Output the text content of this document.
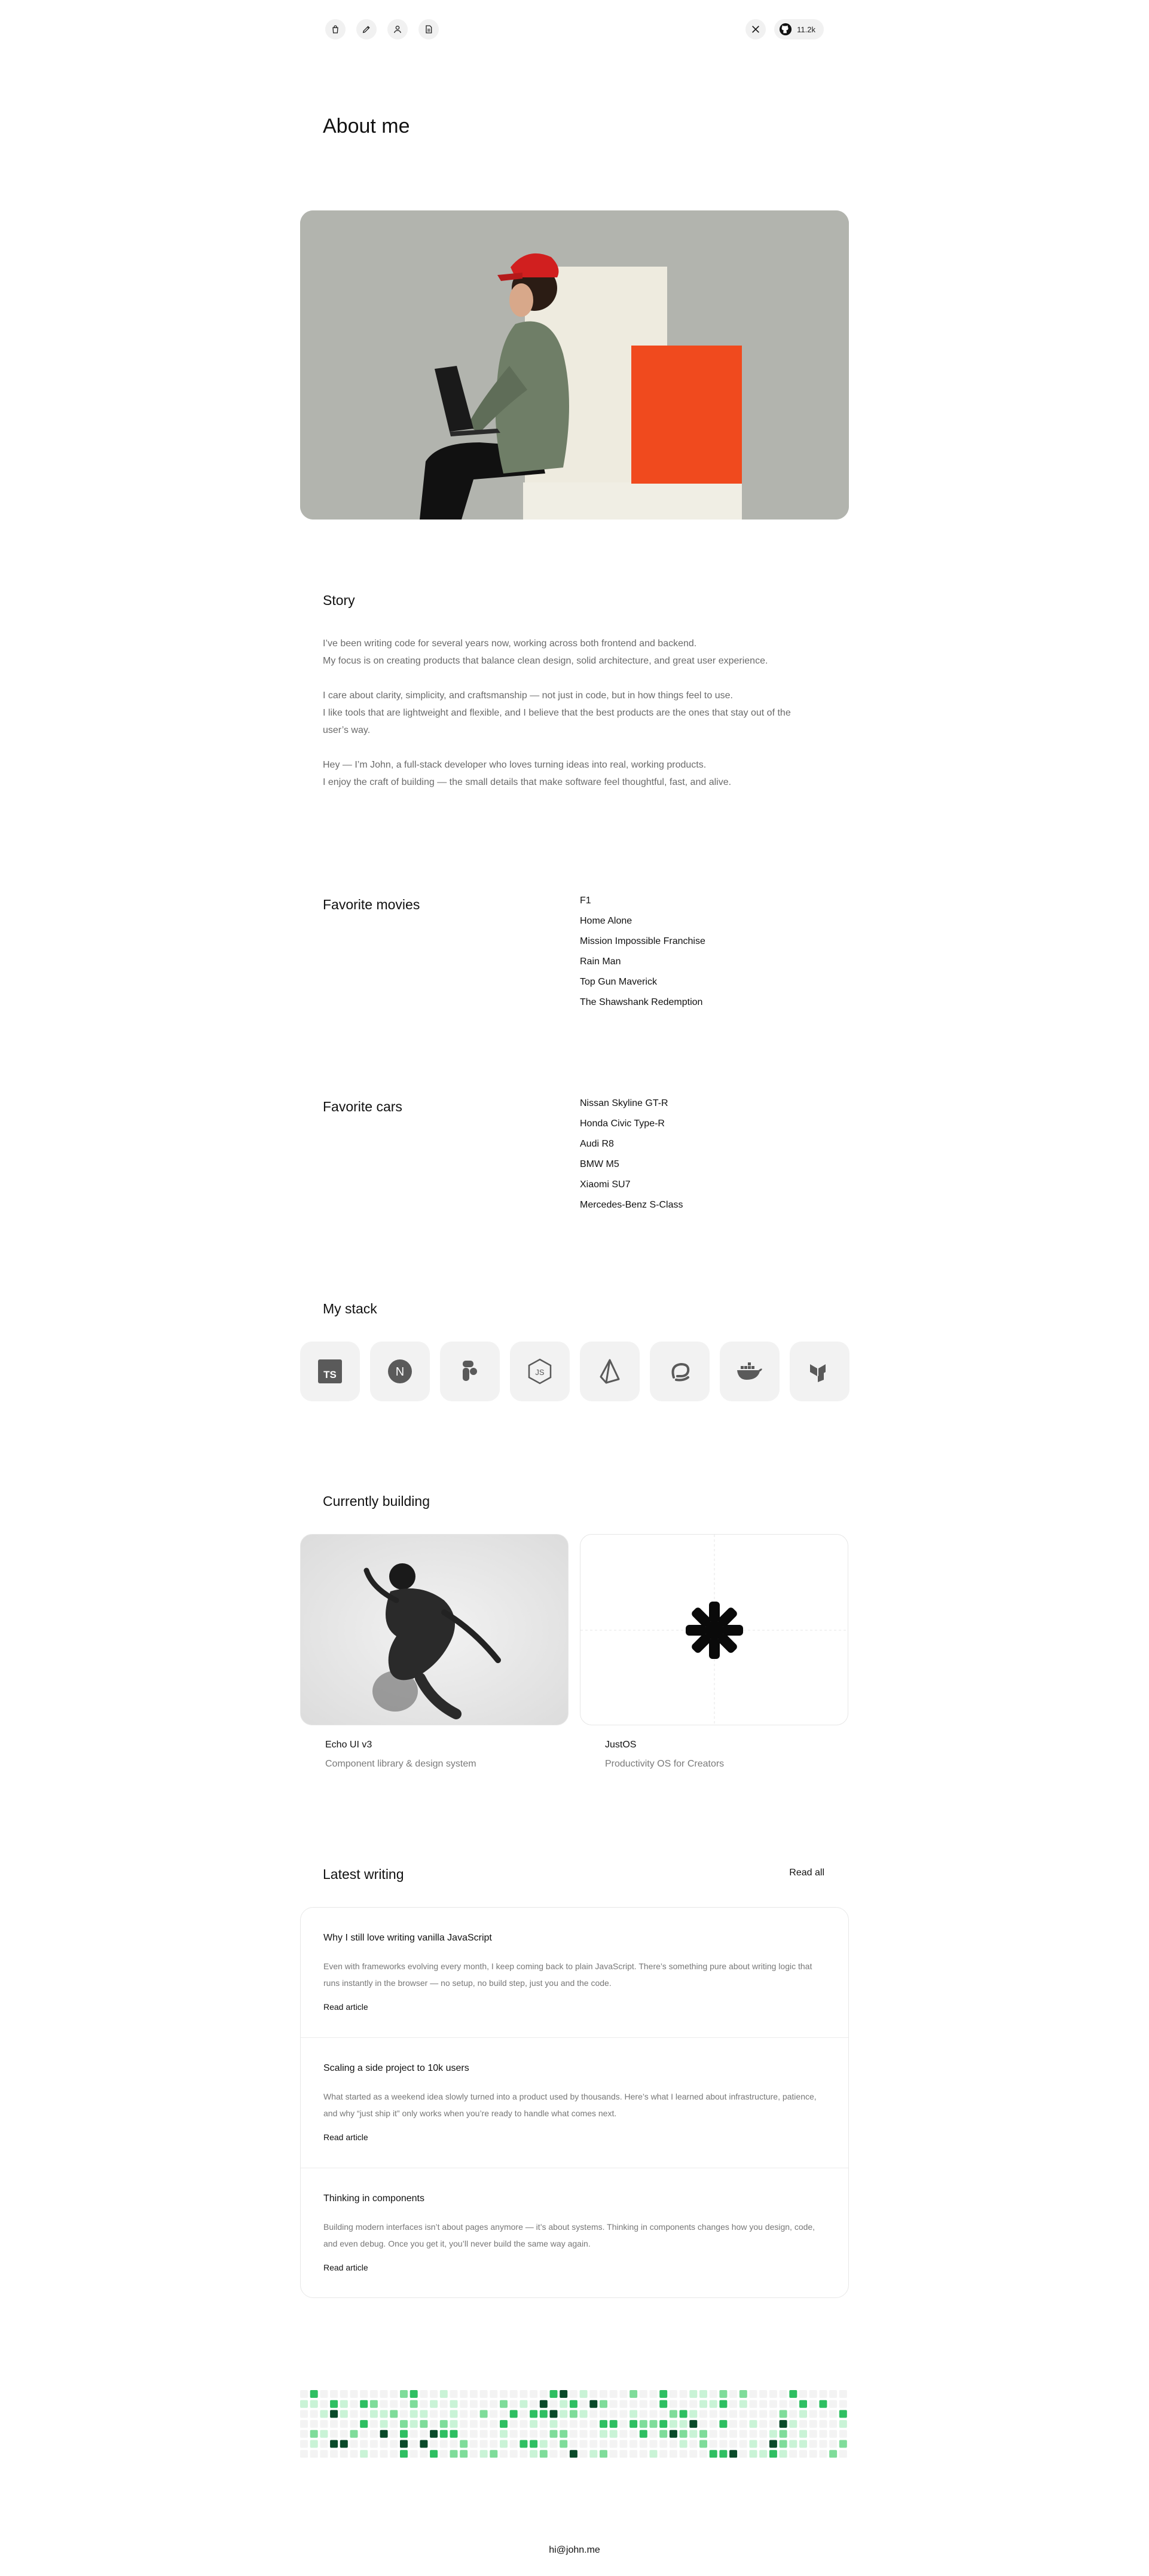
11.2k
About me
Story

I’ve been writing code for several years now, working across both frontend and backend.
My focus is on creating products that balance clean design, solid architecture, and great user experience.

I care about clarity, simplicity, and craftsmanship — not just in code, but in how things feel to use.
I like tools that are lightweight and flexible, and I believe that the best products are the ones that stay out of the user’s way.

Hey — I’m John, a full-stack developer who loves turning ideas into real, working products.
I enjoy the craft of building — the small details that make software feel thoughtful, fast, and alive.

Favorite movies	F1
Home Alone
Mission Impossible Franchise
Rain Man
Top Gun Maverick
The Shawshank Redemption
Favorite cars	Nissan Skyline GT-R
Honda Civic Type-R
Audi R8
BMW M5
Xiaomi SU7
Mercedes-Benz S-Class
My stack
TS	N	JS
Currently building
Echo UI v3
Component library & design system
JustOS
Productivity OS for Creators
Latest writing	Read all
Why I still love writing vanilla JavaScript

Even with frameworks evolving every month, I keep coming back to plain JavaScript. There’s something pure about writing logic that runs instantly in the browser — no setup, no build step, just you and the code.

Read article
Scaling a side project to 10k users

What started as a weekend idea slowly turned into a product used by thousands. Here’s what I learned about infrastructure, patience, and why “just ship it” only works when you’re ready to handle what comes next.

Read article
Thinking in components

Building modern interfaces isn’t about pages anymore — it’s about systems. Thinking in components changes how you design, code, and even debug. Once you get it, you’ll never build the same way again.

Read article
hi@john.me
